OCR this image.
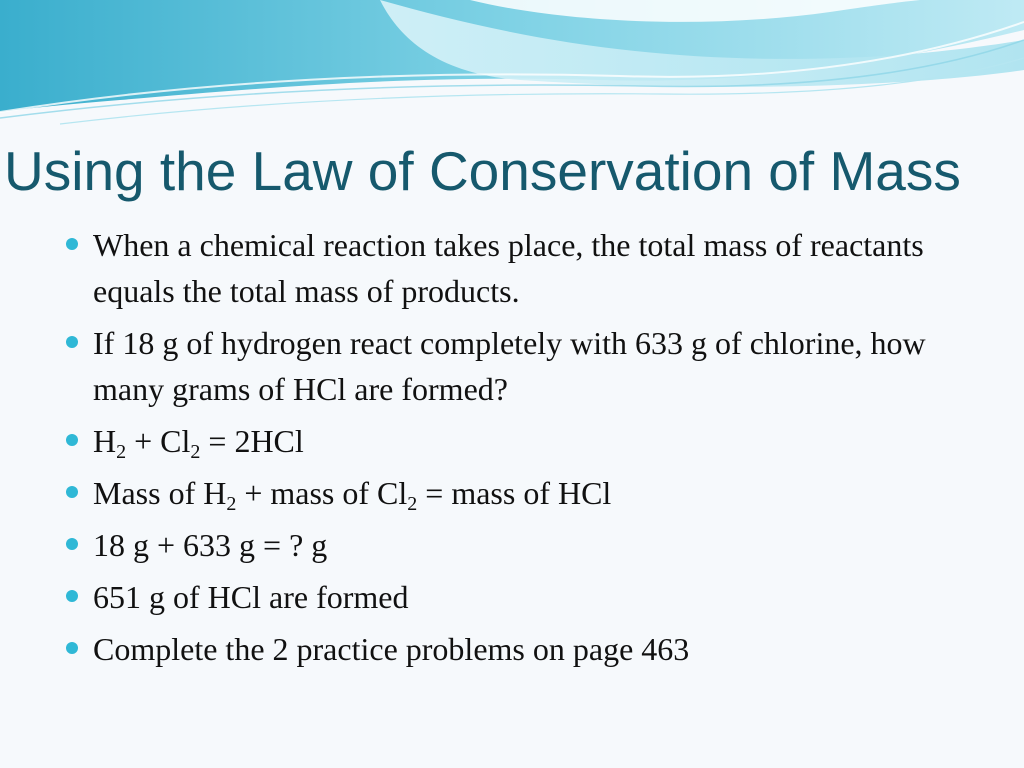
Using the Law of Conservation of Mass
When a chemical reaction takes place, the total mass of reactants equals the total mass of products.
If 18 g of hydrogen react completely with 633 g of chlorine, how many grams of HCl are formed?
$H_2 + Cl_2 = 2HCl$
Mass of $H_2$ + mass of $Cl_2$ = mass of HCl
18 g + 633 g = ? g
651 g of HCl are formed
Complete the 2 practice problems on page 463
